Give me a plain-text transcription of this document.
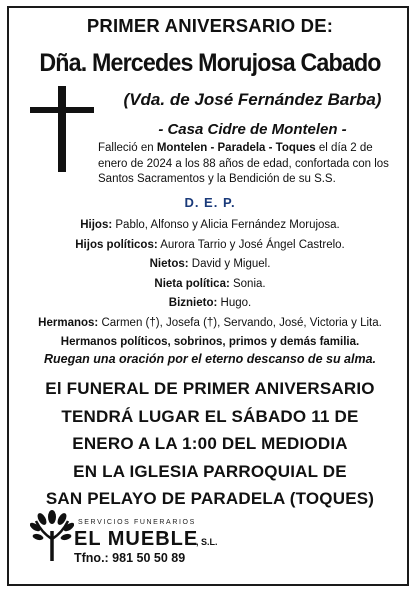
PRIMER ANIVERSARIO DE:
Dña. Mercedes Morujosa Cabado
(Vda. de José Fernández Barba)
- Casa Cidre de Montelen -
Falleció en Montelen - Paradela - Toques el día 2 de enero de 2024 a los 88 años de edad, confortada con los Santos Sacramentos y la Bendición de su S.S.
D. E. P.
Hijos: Pablo, Alfonso y Alicia Fernández Morujosa.
Hijos políticos: Aurora Tarrio y José Ángel Castrelo.
Nietos: David y Miguel.
Nieta política: Sonia.
Biznieto: Hugo.
Hermanos: Carmen (†), Josefa (†), Servando, José, Victoria y Lita.
Hermanos políticos, sobrinos, primos y demás familia.
Ruegan una oración por el eterno descanso de su alma.
El FUNERAL DE PRIMER ANIVERSARIO
TENDRÁ LUGAR EL SÁBADO 11 DE
ENERO A LA 1:00 DEL MEDIODIA
EN LA IGLESIA PARROQUIAL DE
SAN PELAYO DE PARADELA (TOQUES)
SERVICIOS FUNERARIOS
EL MUEBLE
, S.L.
Tfno.: 981 50 50 89
